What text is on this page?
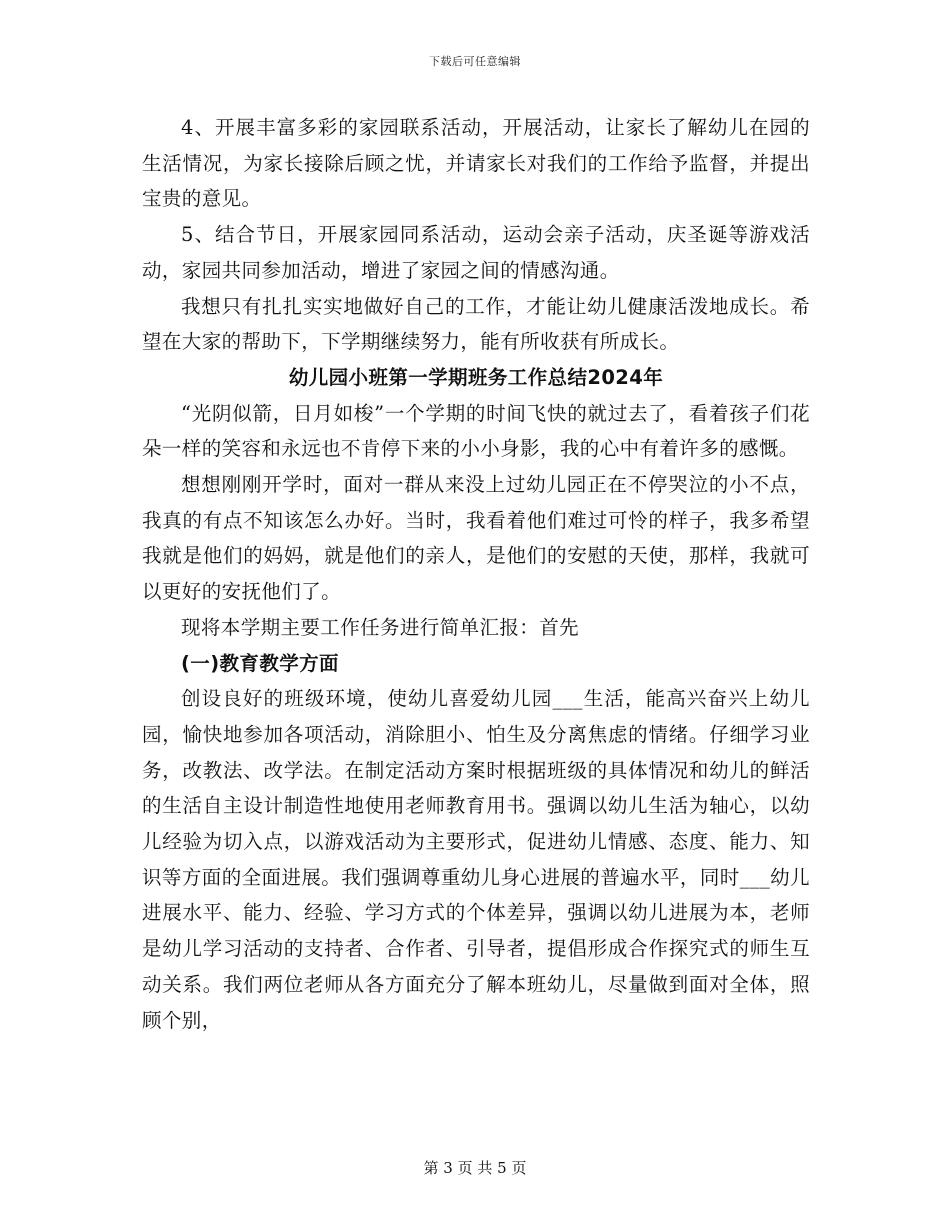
下载后可任意编辑

4、开展丰富多彩的家园联系活动，开展活动，让家长了解幼儿在园的生活情况，为家长接除后顾之忧，并请家长对我们的工作给予监督，并提出宝贵的意见。

5、结合节日，开展家园同系活动，运动会亲子活动，庆圣诞等游戏活动，家园共同参加活动，增进了家园之间的情感沟通。

我想只有扎扎实实地做好自己的工作，才能让幼儿健康活泼地成长。希望在大家的帮助下，下学期继续努力，能有所收获有所成长。

幼儿园小班第一学期班务工作总结2024年

“光阴似箭，日月如梭”一个学期的时间飞快的就过去了，看着孩子们花朵一样的笑容和永远也不肯停下来的小小身影，我的心中有着许多的感慨。

想想刚刚开学时，面对一群从来没上过幼儿园正在不停哭泣的小不点，我真的有点不知该怎么办好。当时，我看着他们难过可怜的样子，我多希望我就是他们的妈妈，就是他们的亲人，是他们的安慰的天使，那样，我就可以更好的安抚他们了。

现将本学期主要工作任务进行简单汇报：首先

(一)教育教学方面

创设良好的班级环境，使幼儿喜爱幼儿园___生活，能高兴奋兴上幼儿园，愉快地参加各项活动，消除胆小、怕生及分离焦虑的情绪。仔细学习业务，改教法、改学法。在制定活动方案时根据班级的具体情况和幼儿的鲜活的生活自主设计制造性地使用老师教育用书。强调以幼儿生活为轴心，以幼儿经验为切入点，以游戏活动为主要形式，促进幼儿情感、态度、能力、知识等方面的全面进展。我们强调尊重幼儿身心进展的普遍水平，同时___幼儿进展水平、能力、经验、学习方式的个体差异，强调以幼儿进展为本，老师是幼儿学习活动的支持者、合作者、引导者，提倡形成合作探究式的师生互动关系。我们两位老师从各方面充分了解本班幼儿，尽量做到面对全体，照顾个别，

第 3 页 共 5 页
